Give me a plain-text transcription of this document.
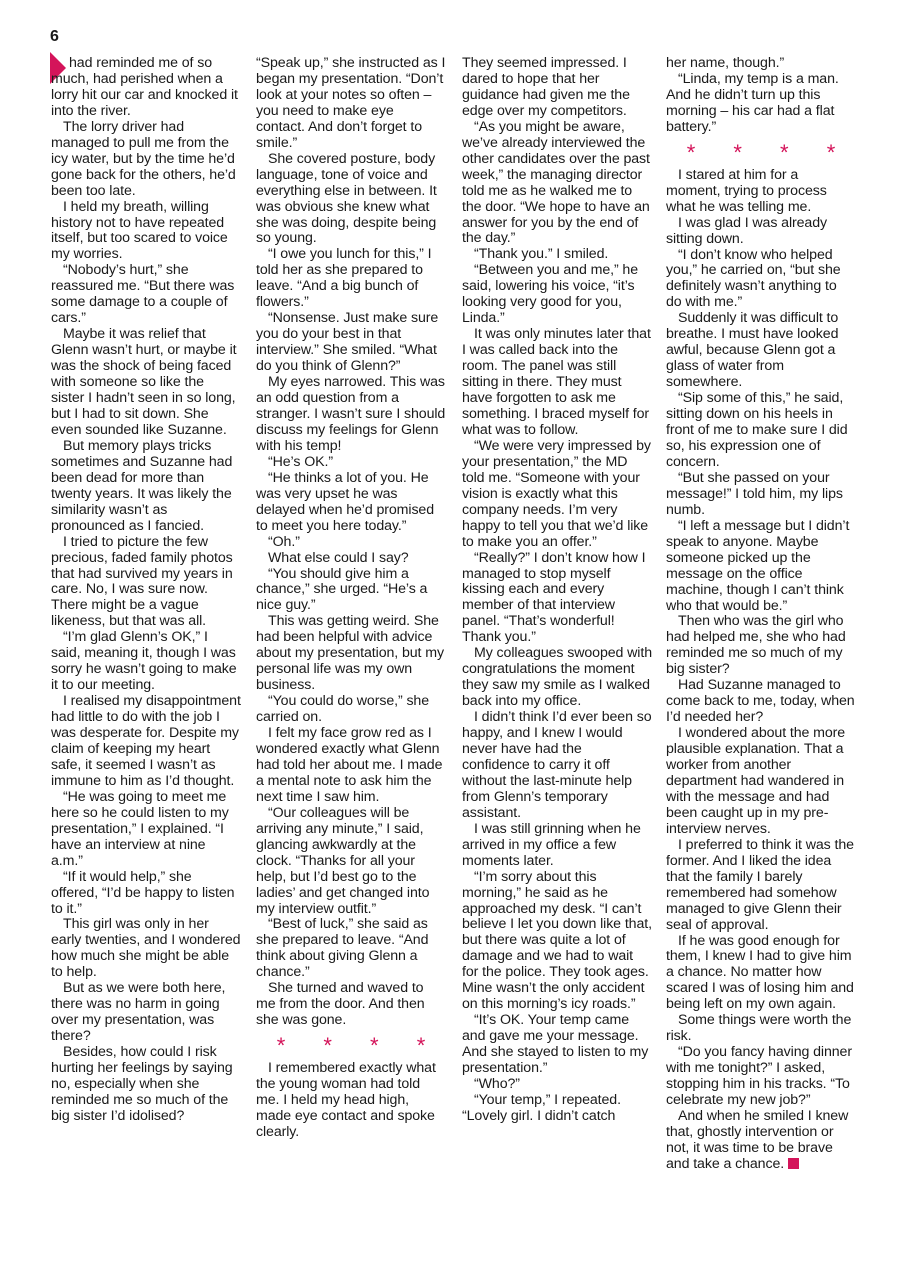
6

had reminded me of so much, had perished when a lorry hit our car and knocked it into the river.

The lorry driver had managed to pull me from the icy water, but by the time he’d gone back for the others, he’d been too late.

I held my breath, willing history not to have repeated itself, but too scared to voice my worries.

“Nobody’s hurt,” she reassured me. “But there was some damage to a couple of cars.”

Maybe it was relief that Glenn wasn’t hurt, or maybe it was the shock of being faced with someone so like the sister I hadn’t seen in so long, but I had to sit down. She even sounded like Suzanne.

But memory plays tricks sometimes and Suzanne had been dead for more than twenty years. It was likely the similarity wasn’t as pronounced as I fancied.

I tried to picture the few precious, faded family photos that had survived my years in care. No, I was sure now. There might be a vague likeness, but that was all.

“I’m glad Glenn’s OK,” I said, meaning it, though I was sorry he wasn’t going to make it to our meeting.

I realised my disappointment had little to do with the job I was desperate for. Despite my claim of keeping my heart safe, it seemed I wasn’t as immune to him as I’d thought.

“He was going to meet me here so he could listen to my presentation,” I explained. “I have an interview at nine a.m.”

“If it would help,” she offered, “I’d be happy to listen to it.”

This girl was only in her early twenties, and I wondered how much she might be able to help.

But as we were both here, there was no harm in going over my presentation, was there?

Besides, how could I risk hurting her feelings by saying no, especially when she reminded me so much of the big sister I’d idolised?

“Speak up,” she instructed as I began my presentation. “Don’t look at your notes so often – you need to make eye contact. And don’t forget to smile.”

She covered posture, body language, tone of voice and everything else in between. It was obvious she knew what she was doing, despite being so young.

“I owe you lunch for this,” I told her as she prepared to leave. “And a big bunch of flowers.”

“Nonsense. Just make sure you do your best in that interview.” She smiled. “What do you think of Glenn?”

My eyes narrowed. This was an odd question from a stranger. I wasn’t sure I should discuss my feelings for Glenn with his temp!

“He’s OK.”

“He thinks a lot of you. He was very upset he was delayed when he’d promised to meet you here today.”

“Oh.”

What else could I say?

“You should give him a chance,” she urged. “He’s a nice guy.”

This was getting weird. She had been helpful with advice about my presentation, but my personal life was my own business.

“You could do worse,” she carried on.

I felt my face grow red as I wondered exactly what Glenn had told her about me. I made a mental note to ask him the next time I saw him.

“Our colleagues will be arriving any minute,” I said, glancing awkwardly at the clock. “Thanks for all your help, but I’d best go to the ladies’ and get changed into my interview outfit.”

“Best of luck,” she said as she prepared to leave. “And think about giving Glenn a chance.”

She turned and waved to me from the door. And then she was gone.

* * * *

I remembered exactly what the young woman had told me. I held my head high, made eye contact and spoke clearly.

They seemed impressed. I dared to hope that her guidance had given me the edge over my competitors.

“As you might be aware, we’ve already interviewed the other candidates over the past week,” the managing director told me as he walked me to the door. “We hope to have an answer for you by the end of the day.”

“Thank you.” I smiled.

“Between you and me,” he said, lowering his voice, “it’s looking very good for you, Linda.”

It was only minutes later that I was called back into the room. The panel was still sitting in there. They must have forgotten to ask me something. I braced myself for what was to follow.

“We were very impressed by your presentation,” the MD told me. “Someone with your vision is exactly what this company needs. I’m very happy to tell you that we’d like to make you an offer.”

“Really?” I don’t know how I managed to stop myself kissing each and every member of that interview panel. “That’s wonderful! Thank you.”

My colleagues swooped with congratulations the moment they saw my smile as I walked back into my office.

I didn’t think I’d ever been so happy, and I knew I would never have had the confidence to carry it off without the last-minute help from Glenn’s temporary assistant.

I was still grinning when he arrived in my office a few moments later.

“I’m sorry about this morning,” he said as he approached my desk. “I can’t believe I let you down like that, but there was quite a lot of damage and we had to wait for the police. They took ages. Mine wasn’t the only accident on this morning’s icy roads.”

“It’s OK. Your temp came and gave me your message. And she stayed to listen to my presentation.”

“Who?”

“Your temp,” I repeated. “Lovely girl. I didn’t catch

her name, though.”

“Linda, my temp is a man. And he didn’t turn up this morning – his car had a flat battery.”

* * * *

I stared at him for a moment, trying to process what he was telling me.

I was glad I was already sitting down.

“I don’t know who helped you,” he carried on, “but she definitely wasn’t anything to do with me.”

Suddenly it was difficult to breathe. I must have looked awful, because Glenn got a glass of water from somewhere.

“Sip some of this,” he said, sitting down on his heels in front of me to make sure I did so, his expression one of concern.

“But she passed on your message!” I told him, my lips numb.

“I left a message but I didn’t speak to anyone. Maybe someone picked up the message on the office machine, though I can’t think who that would be.”

Then who was the girl who had helped me, she who had reminded me so much of my big sister?

Had Suzanne managed to come back to me, today, when I’d needed her?

I wondered about the more plausible explanation. That a worker from another department had wandered in with the message and had been caught up in my pre-interview nerves.

I preferred to think it was the former. And I liked the idea that the family I barely remembered had somehow managed to give Glenn their seal of approval.

If he was good enough for them, I knew I had to give him a chance. No matter how scared I was of losing him and being left on my own again.

Some things were worth the risk.

“Do you fancy having dinner with me tonight?” I asked, stopping him in his tracks. “To celebrate my new job?”

And when he smiled I knew that, ghostly intervention or not, it was time to be brave and take a chance.
